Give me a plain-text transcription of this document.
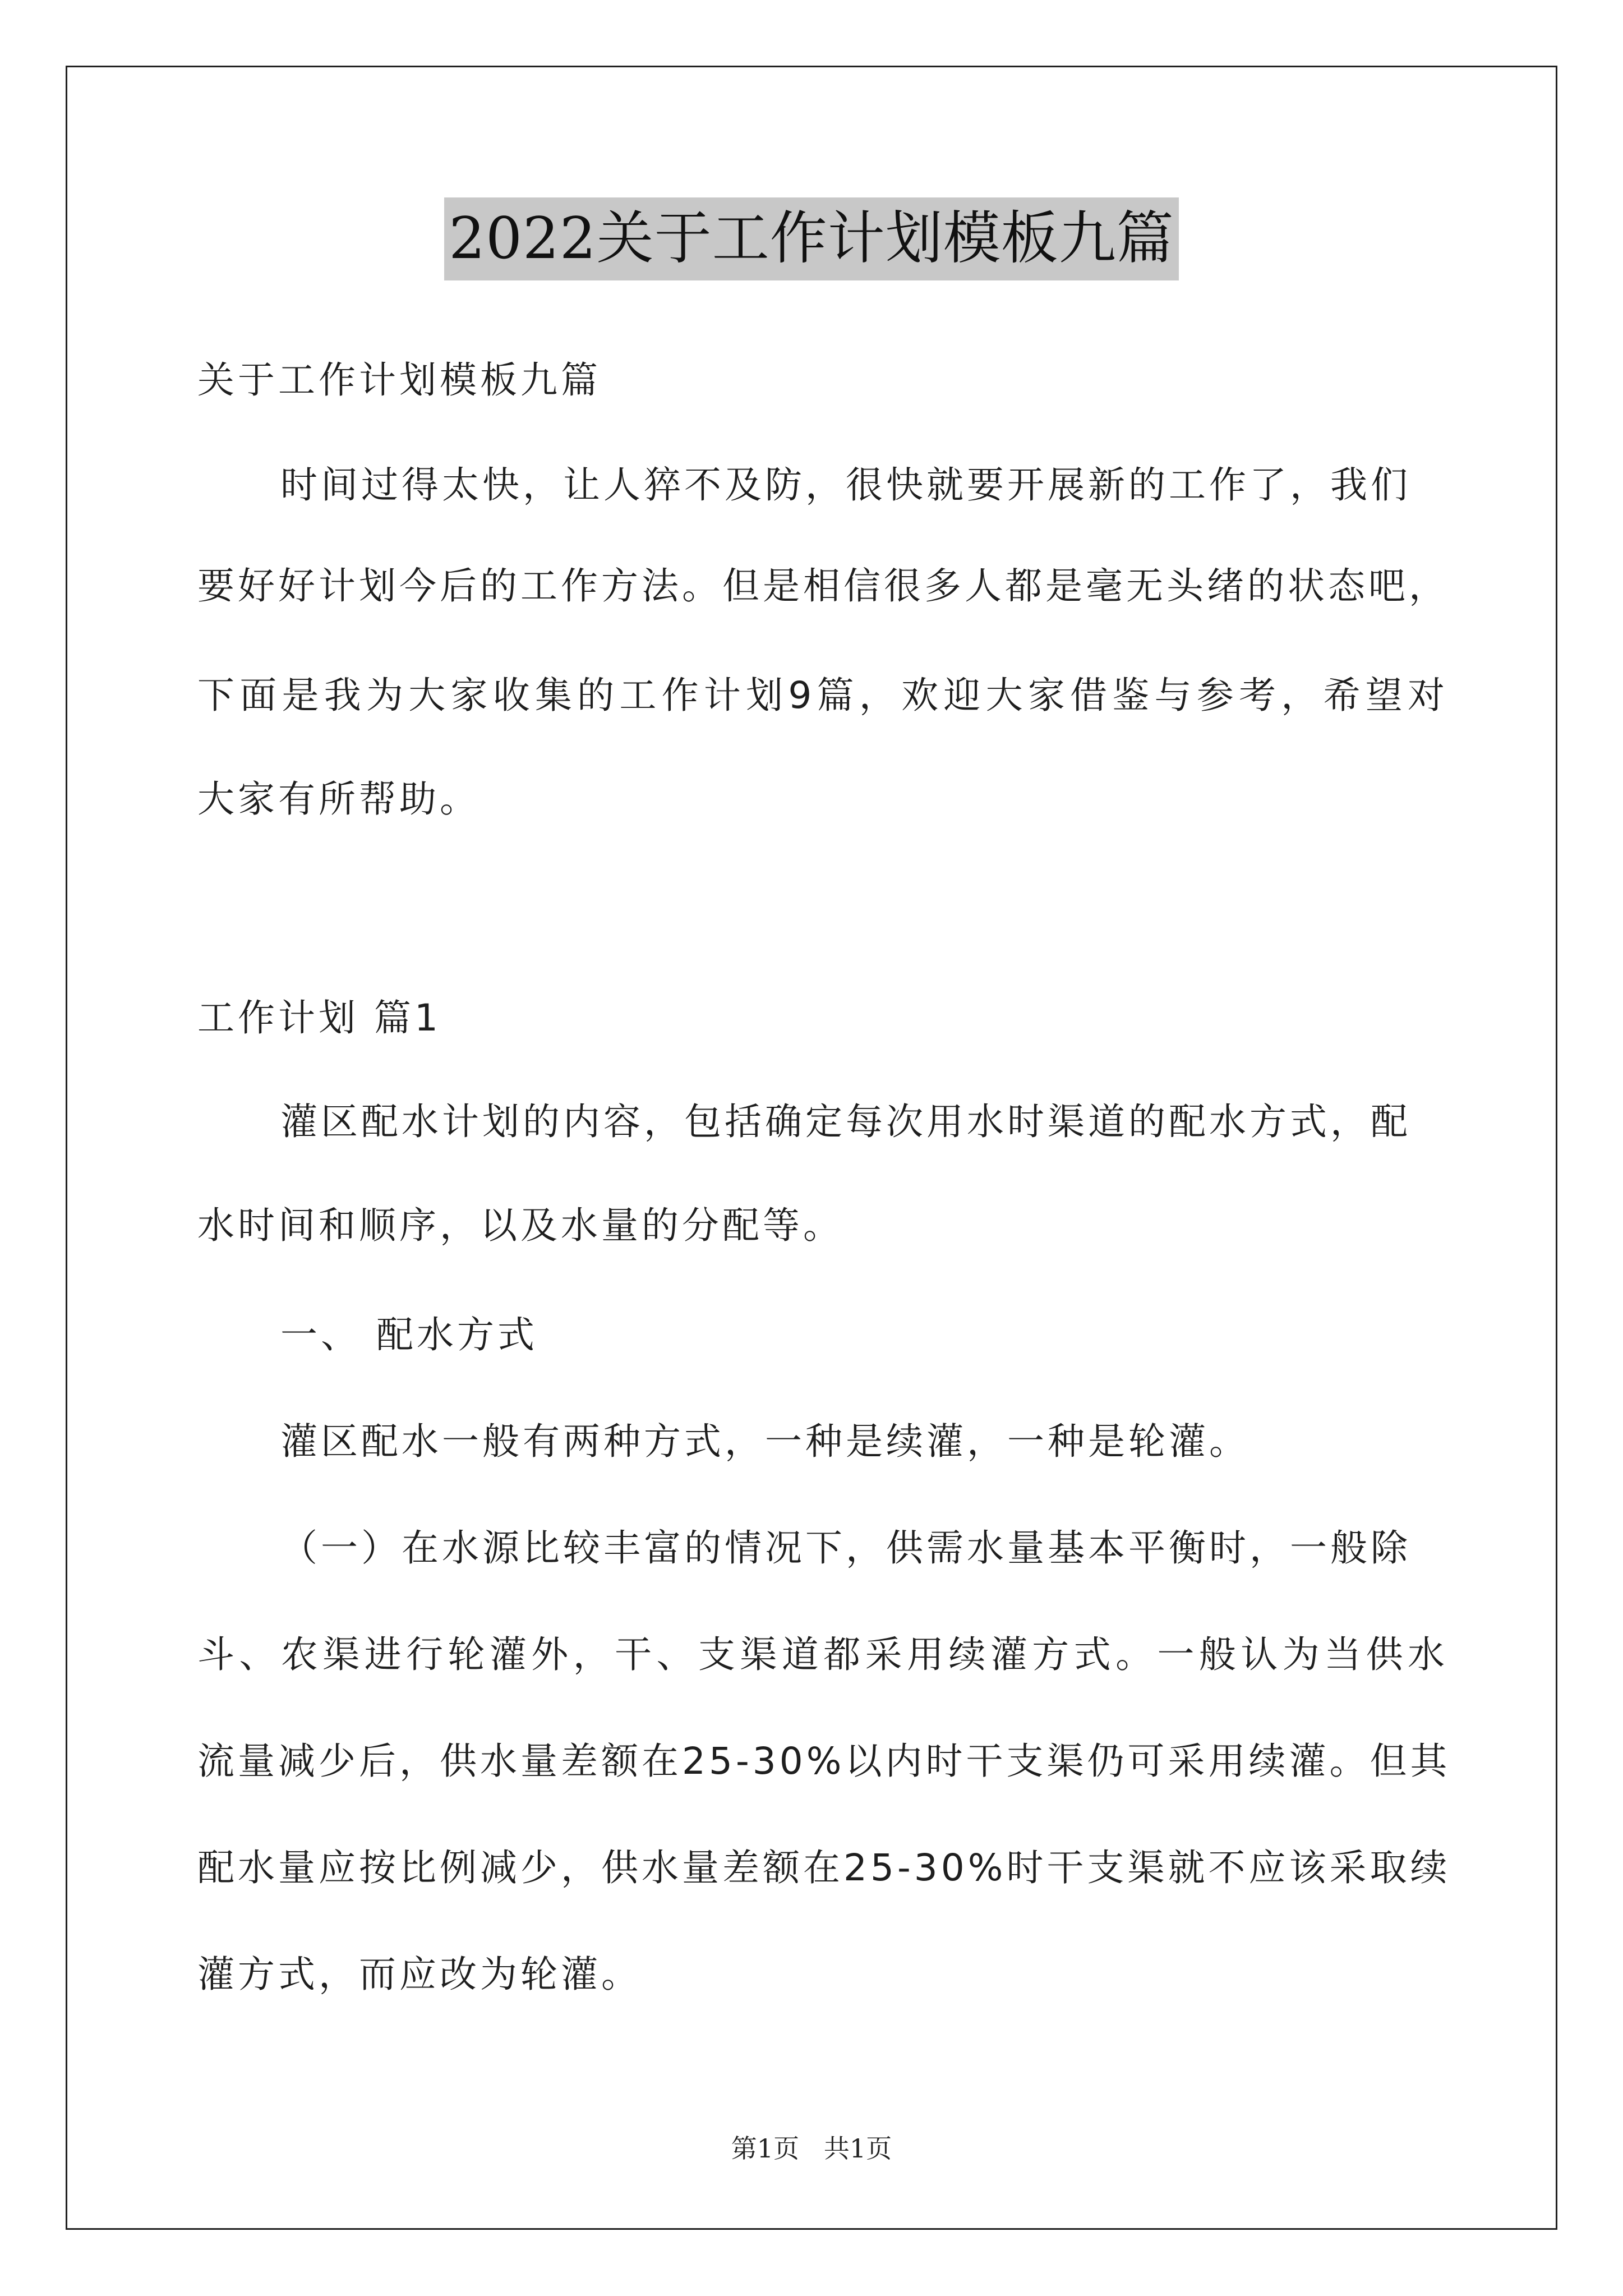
2022关于工作计划模板九篇
关于工作计划模板九篇
时间过得太快，让人猝不及防，很快就要开展新的工作了，我们
要好好计划今后的工作方法。但是相信很多人都是毫无头绪的状态吧，
下面是我为大家收集的工作计划9篇，欢迎大家借鉴与参考，希望对
大家有所帮助。
工作计划 篇1
灌区配水计划的内容，包括确定每次用水时渠道的配水方式，配
水时间和顺序，以及水量的分配等。
一、 配水方式
灌区配水一般有两种方式，一种是续灌，一种是轮灌。
（一）在水源比较丰富的情况下，供需水量基本平衡时，一般除
斗、农渠进行轮灌外，干、支渠道都采用续灌方式。一般认为当供水
流量减少后，供水量差额在25-30%以内时干支渠仍可采用续灌。但其
配水量应按比例减少，供水量差额在25-30%时干支渠就不应该采取续
灌方式，而应改为轮灌。
第1页   共1页
